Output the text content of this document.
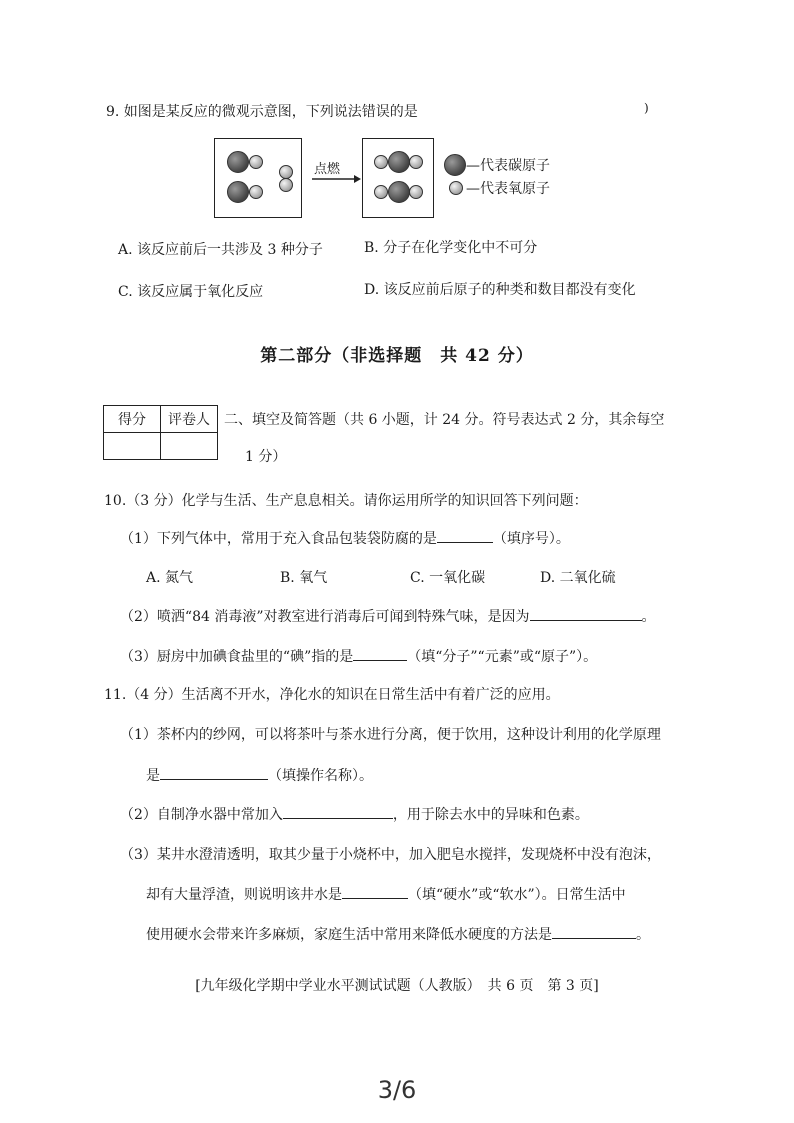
9. 如图是某反应的微观示意图，下列说法错误的是	)
点燃	—代表碳原子
—代表氧原子
A. 该反应前后一共涉及 3 种分子	B. 分子在化学变化中不可分
C. 该反应属于氧化反应	D. 该反应前后原子的种类和数目都没有变化
第二部分（非选择题　共 42 分）
得分	评卷人
	二、填空及简答题（共 6 小题，计 24 分。符号表达式 2 分，其余每空
1 分）
10.（3 分）化学与生活、生产息息相关。请你运用所学的知识回答下列问题：
（1）下列气体中，常用于充入食品包装袋防腐的是	（填序号）。
A. 氮气	B. 氧气	C. 一氧化碳	D. 二氧化硫
（2）喷洒“84 消毒液”对教室进行消毒后可闻到特殊气味，是因为	。
（3）厨房中加碘食盐里的“碘”指的是	（填“分子”“元素”或“原子”）。
11.（4 分）生活离不开水，净化水的知识在日常生活中有着广泛的应用。
（1）茶杯内的纱网，可以将茶叶与茶水进行分离，便于饮用，这种设计利用的化学原理
是	（填操作名称）。
（2）自制净水器中常加入	，用于除去水中的异味和色素。
（3）某井水澄清透明，取其少量于小烧杯中，加入肥皂水搅拌，发现烧杯中没有泡沫，
却有大量浮渣，则说明该井水是	（填“硬水”或“软水”）。日常生活中
使用硬水会带来许多麻烦，家庭生活中常用来降低水硬度的方法是	。
[九年级化学期中学业水平测试试题（人教版）　共 6 页　第 3 页]
3/6
